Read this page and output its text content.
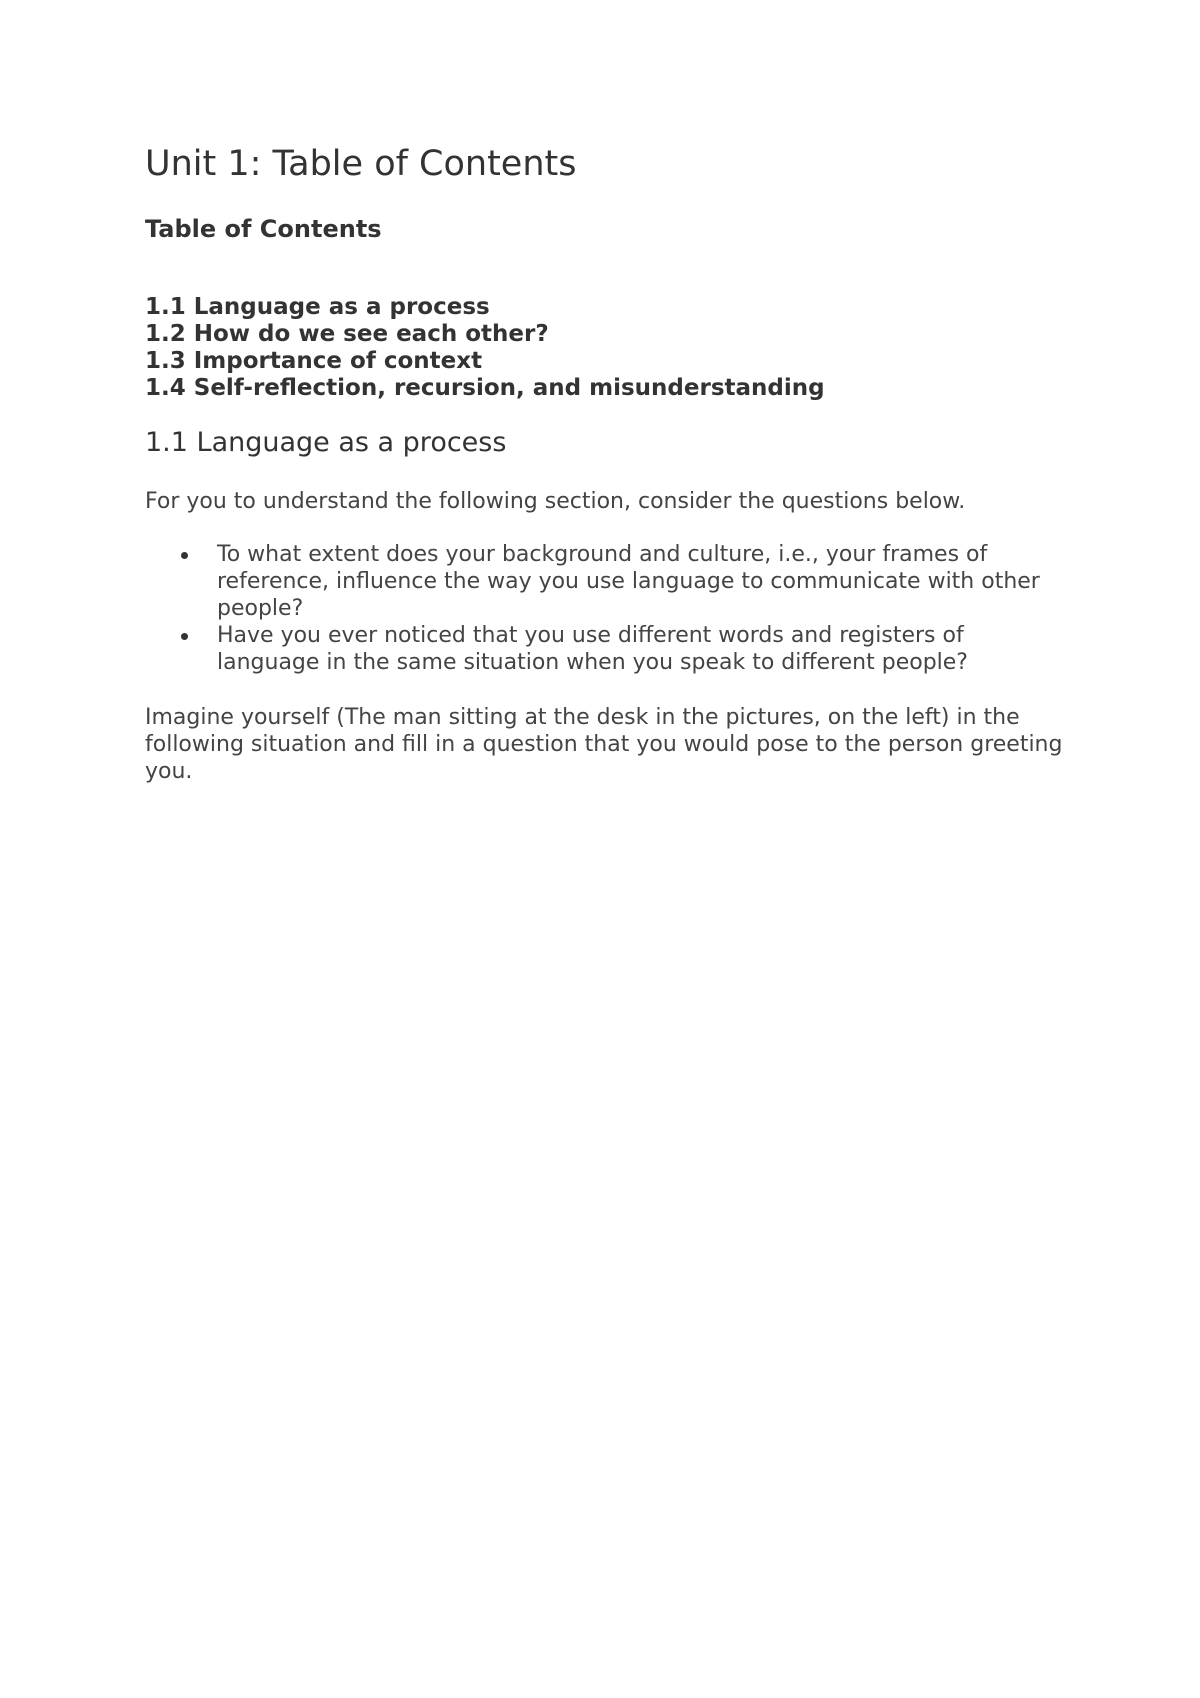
Unit 1: Table of Contents
Table of Contents
1.1 Language as a process
1.2 How do we see each other?
1.3 Importance of context
1.4 Self-reflection, recursion, and misunderstanding
1.1 Language as a process

For you to understand the following section, consider the questions below.

To what extent does your background and culture, i.e., your frames of reference, influence the way you use language to communicate with other people?
Have you ever noticed that you use different words and registers of language in the same situation when you speak to different people?

Imagine yourself (The man sitting at the desk in the pictures, on the left) in the following situation and fill in a question that you would pose to the person greeting you.
